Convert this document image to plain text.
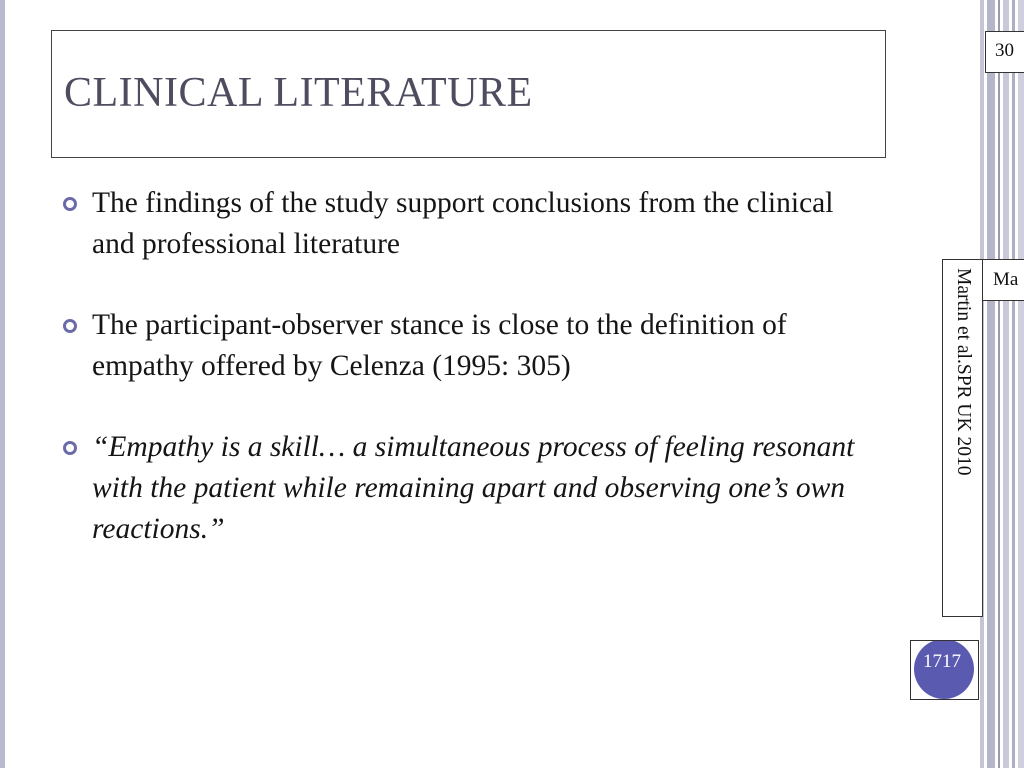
CLINICAL LITERATURE
The findings of the study support conclusions from the clinical and professional literature
The participant-observer stance is close to the definition of empathy offered by Celenza (1995: 305)
“Empathy is a skill… a simultaneous process of feeling resonant with the patient while remaining apart and observing one’s own reactions.”
30
Ma
Martin et al.SPR UK 2010
1717
